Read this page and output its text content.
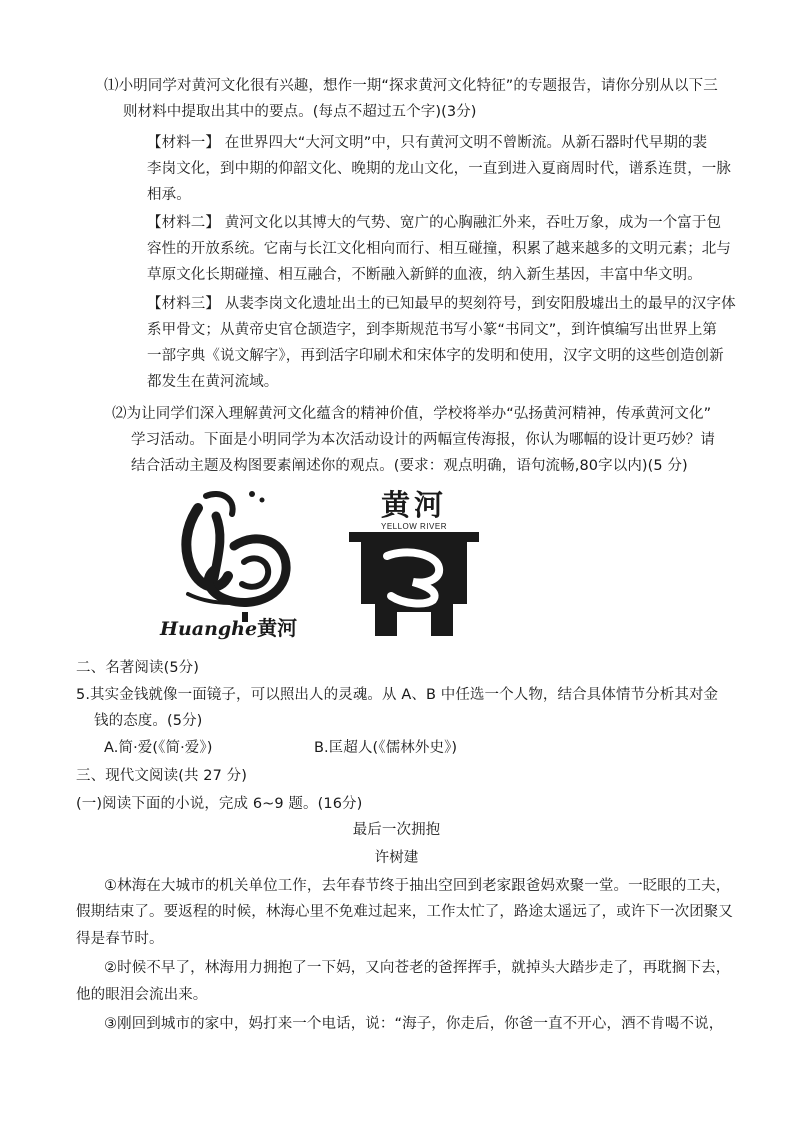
⑴小明同学对黄河文化很有兴趣，想作一期“探求黄河文化特征”的专题报告，请你分别从以下三
则材料中提取出其中的要点。(每点不超过五个字)(3分)
【材料一】 在世界四大“大河文明”中，只有黄河文明不曾断流。从新石器时代早期的裴
李岗文化，到中期的仰韶文化、晚期的龙山文化，一直到进入夏商周时代，谱系连贯，一脉
相承。
【材料二】 黄河文化以其博大的气势、宽广的心胸融汇外来，吞吐万象，成为一个富于包
容性的开放系统。它南与长江文化相向而行、相互碰撞，积累了越来越多的文明元素；北与
草原文化长期碰撞、相互融合，不断融入新鲜的血液，纳入新生基因，丰富中华文明。
【材料三】 从裴李岗文化遗址出土的已知最早的契刻符号，到安阳殷墟出土的最早的汉字体
系甲骨文；从黄帝史官仓颉造字，到李斯规范书写小篆“书同文”，到许慎编写出世界上第
一部字典《说文解字》，再到活字印刷术和宋体字的发明和使用，汉字文明的这些创造创新
都发生在黄河流域。
⑵为让同学们深入理解黄河文化蕴含的精神价值，学校将举办“弘扬黄河精神，传承黄河文化”
学习活动。下面是小明同学为本次活动设计的两幅宣传海报，你认为哪幅的设计更巧妙？请
结合活动主题及构图要素阐述你的观点。(要求：观点明确，语句流畅,80字以内)(5 分)
Huanghe黄河
黄河
YELLOW RIVER
二、名著阅读(5分)
5.其实金钱就像一面镜子，可以照出人的灵魂。从 A、B 中任选一个人物，结合具体情节分析其对金
钱的态度。(5分)
A.简·爱(《简·爱》)	B.匡超人(《儒林外史》)
三、现代文阅读(共 27 分)
(一)阅读下面的小说，完成 6~9 题。(16分)
最后一次拥抱
许树建
①林海在大城市的机关单位工作，去年春节终于抽出空回到老家跟爸妈欢聚一堂。一眨眼的工夫，
假期结束了。要返程的时候，林海心里不免难过起来，工作太忙了，路途太遥远了，或许下一次团聚又
得是春节时。
②时候不早了，林海用力拥抱了一下妈，又向苍老的爸挥挥手，就掉头大踏步走了，再耽搁下去，
他的眼泪会流出来。
③刚回到城市的家中，妈打来一个电话，说：“海子，你走后，你爸一直不开心，酒不肯喝不说，
